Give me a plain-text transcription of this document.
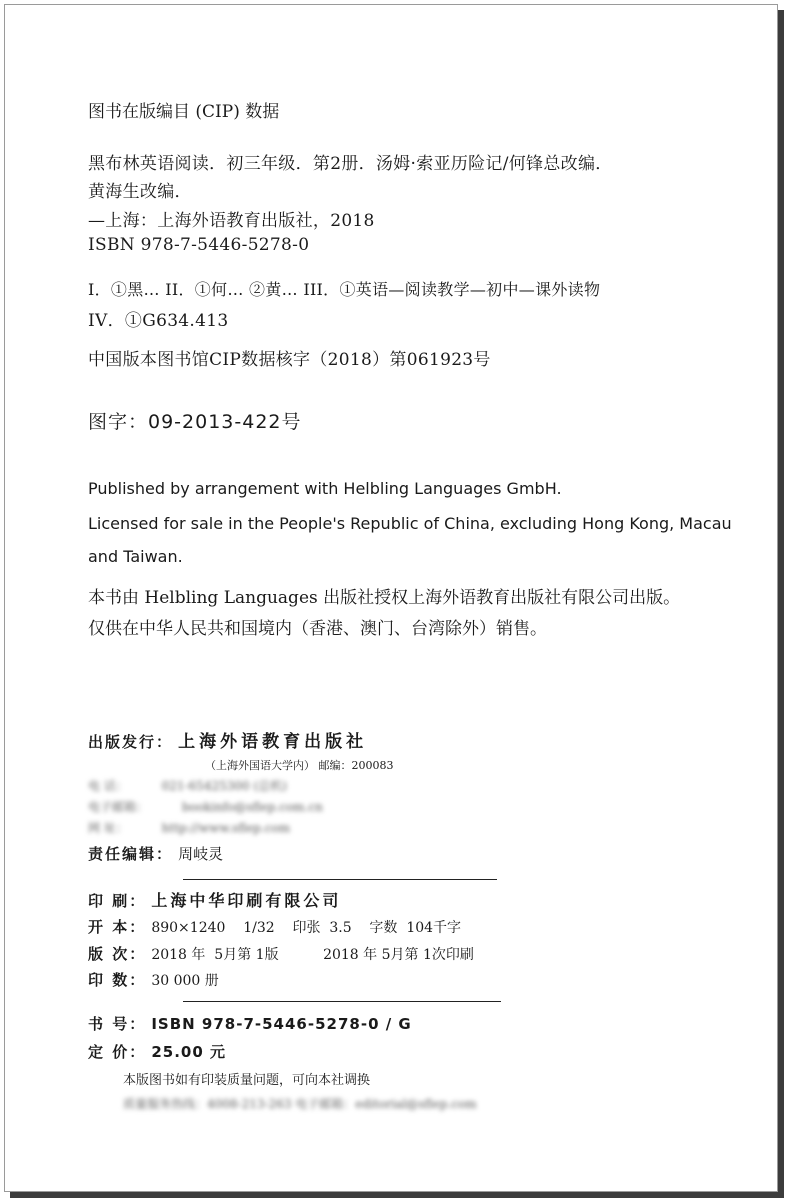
图书在版编目 (CIP) 数据
黑布林英语阅读．初三年级．第2册．汤姆·索亚历险记/何锋总改编．
黄海生改编．
—上海：上海外语教育出版社，2018
ISBN 978-7-5446-5278-0
I．①黑… II．①何… ②黄… III．①英语—阅读教学—初中—课外读物
IV．①G634.413
中国版本图书馆CIP数据核字（2018）第061923号
图字：09-2013-422号
Published by arrangement with Helbling Languages GmbH.
Licensed for sale in the People's Republic of China, excluding Hong Kong, Macau
and Taiwan.
本书由 Helbling Languages 出版社授权上海外语教育出版社有限公司出版。
仅供在中华人民共和国境内（香港、澳门、台湾除外）销售。
出版发行： 上海外语教育出版社
（上海外国语大学内） 邮编：200083
电 话：	021-65425300 (总机)
电子邮箱：	bookinfo@sflep.com.cn
网 址：	http://www.sflep.com
责任编辑： 周岐灵
印 刷： 上海中华印刷有限公司
开 本： 890×1240    1/32    印张  3.5    字数  104千字
版 次： 2018 年  5月第 1版          2018 年 5月第 1次印刷
印 数： 30 000 册
书 号： ISBN 978-7-5446-5278-0 / G
定 价： 25.00 元
本版图书如有印装质量问题，可向本社调换
质量服务热线：4008-213-263 电子邮箱：editorial@sflep.com
